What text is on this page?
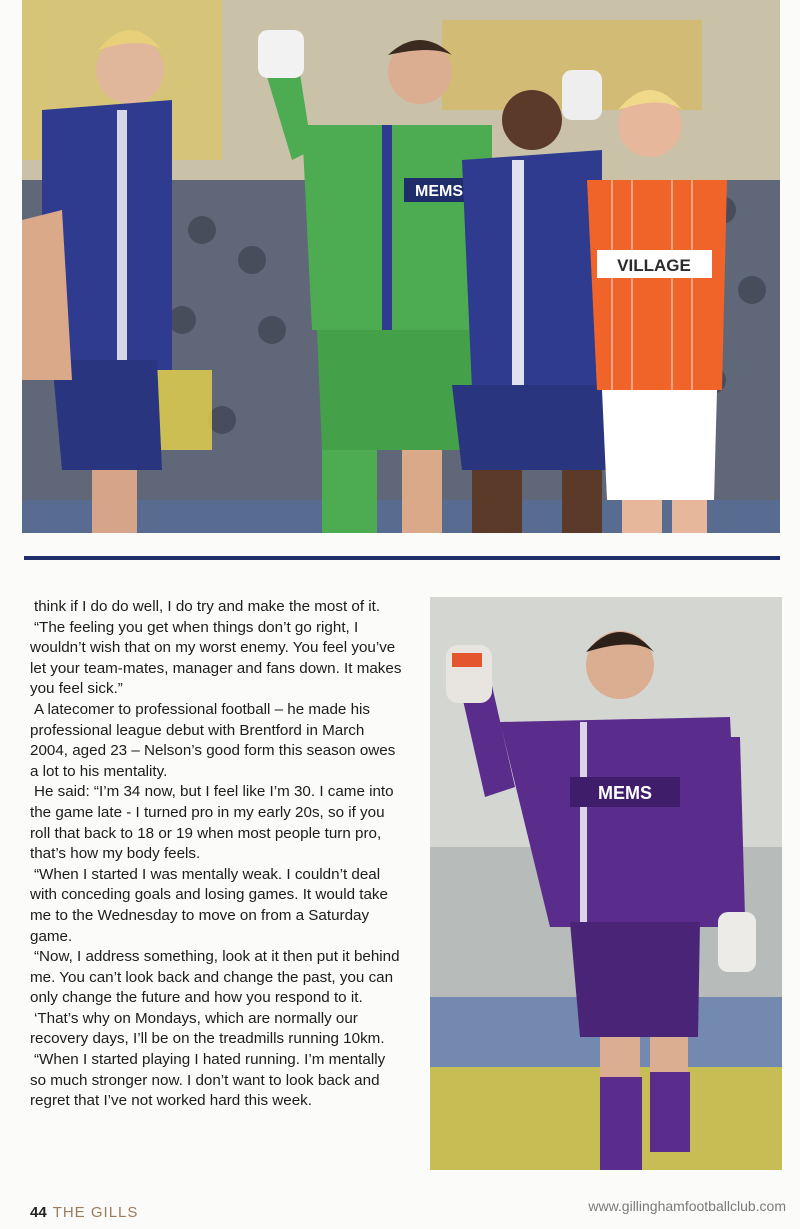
MEMS
VILLAGE

think if I do do well, I do try and make the most of it.

“The feeling you get when things don’t go right, I wouldn’t wish that on my worst enemy. You feel you’ve let your team-mates, manager and fans down. It makes you feel sick.”

A latecomer to professional football – he made his professional league debut with Brentford in March 2004, aged 23 – Nelson’s good form this season owes a lot to his mentality.

He said: “I’m 34 now, but I feel like I’m 30. I came into the game late - I turned pro in my early 20s, so if you roll that back to 18 or 19 when most people turn pro, that’s how my body feels.

“When I started I was mentally weak. I couldn’t deal with conceding goals and losing games. It would take me to the Wednesday to move on from a Saturday game.

“Now, I address something, look at it then put it behind me. You can’t look back and change the past, you can only change the future and how you respond to it.

‘That’s why on Mondays, which are normally our recovery days, I’ll be on the treadmills running 10km.

“When I started playing I hated running. I’m mentally so much stronger now. I don’t want to look back and regret that I’ve not worked hard this week.

MEMS
44 THE GILLS	www.gillinghamfootballclub.com
